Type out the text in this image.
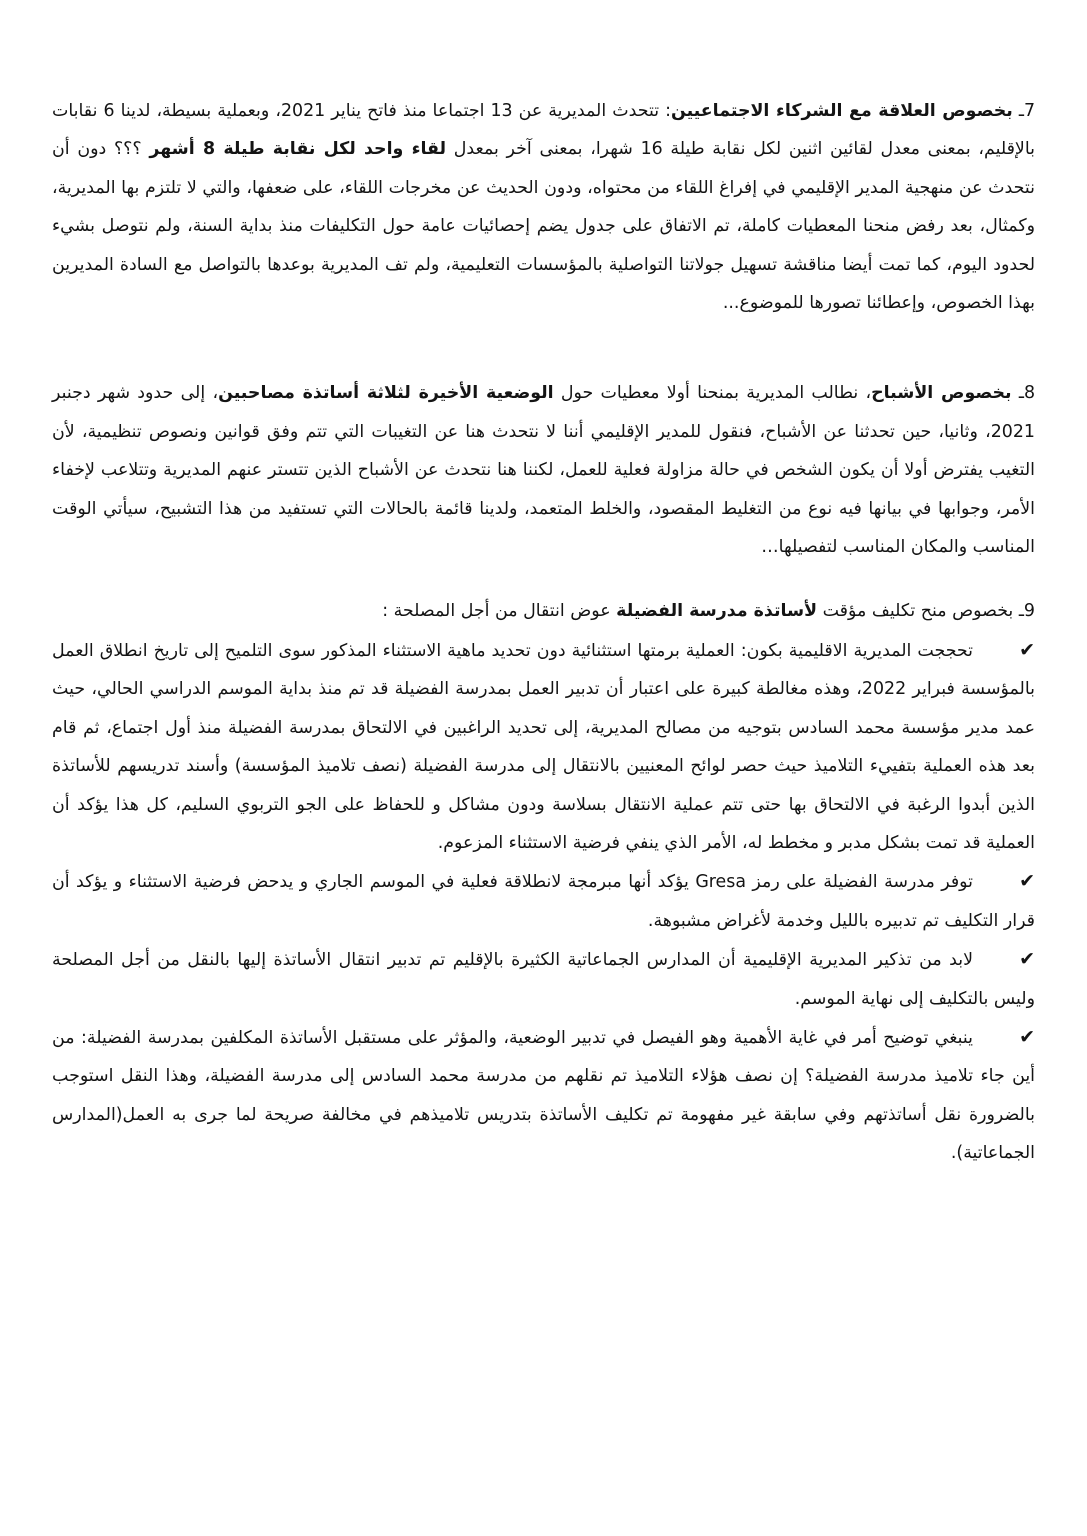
7ـ بخصوص العلاقة مع الشركاء الاجتماعيين: تتحدث المديرية عن 13 اجتماعا منذ فاتح يناير 2021، وبعملية بسيطة، لدينا 6 نقابات بالإقليم، بمعنى معدل لقائين اثنين لكل نقابة طيلة 16 شهرا، بمعنى آخر بمعدل لقاء واحد لكل نقابة طيلة 8 أشهر ؟؟؟ دون أن نتحدث عن منهجية المدير الإقليمي في إفراغ اللقاء من محتواه، ودون الحديث عن مخرجات اللقاء، على ضعفها، والتي لا تلتزم بها المديرية، وكمثال، بعد رفض منحنا المعطيات كاملة، تم الاتفاق على جدول يضم إحصائيات عامة حول التكليفات منذ بداية السنة، ولم نتوصل بشيء لحدود اليوم، كما تمت أيضا مناقشة تسهيل جولاتنا التواصلية بالمؤسسات التعليمية، ولم تف المديرية بوعدها بالتواصل مع السادة المديرين بهذا الخصوص، وإعطائنا تصورها للموضوع...

8ـ بخصوص الأشباح، نطالب المديرية بمنحنا أولا معطيات حول الوضعية الأخيرة لثلاثة أساتذة مصاحبين، إلى حدود شهر دجنبر 2021، وثانيا، حين تحدثنا عن الأشباح، فنقول للمدير الإقليمي أننا لا نتحدث هنا عن التغيبات التي تتم وفق قوانين ونصوص تنظيمية، لأن التغيب يفترض أولا أن يكون الشخص في حالة مزاولة فعلية للعمل، لكننا هنا نتحدث عن الأشباح الذين تتستر عنهم المديرية وتتلاعب لإخفاء الأمر، وجوابها في بيانها فيه نوع من التغليط المقصود، والخلط المتعمد، ولدينا قائمة بالحالات التي تستفيد من هذا التشبيح، سيأتي الوقت المناسب والمكان المناسب لتفصيلها…

9ـ بخصوص منح تكليف مؤقت لأساتذة مدرسة الفضيلة عوض انتقال من أجل المصلحة :

✔تحججت المديرية الاقليمية بكون: العملية برمتها استثنائية دون تحديد ماهية الاستثناء المذكور سوى التلميح إلى تاريخ انطلاق العمل بالمؤسسة فبراير 2022، وهذه مغالطة كبيرة على اعتبار أن تدبير العمل بمدرسة الفضيلة قد تم منذ بداية الموسم الدراسي الحالي، حيث عمد مدير مؤسسة محمد السادس بتوجيه من مصالح المديرية، إلى تحديد الراغبين في الالتحاق بمدرسة الفضيلة منذ أول اجتماع، ثم قام بعد هذه العملية بتفييء التلاميذ حيث حصر لوائح المعنيين بالانتقال إلى مدرسة الفضيلة (نصف تلاميذ المؤسسة) وأسند تدريسهم للأساتذة الذين أبدوا الرغبة في الالتحاق بها حتى تتم عملية الانتقال بسلاسة ودون مشاكل و للحفاظ على الجو التربوي السليم، كل هذا يؤكد أن العملية قد تمت بشكل مدبر و مخطط له، الأمر الذي ينفي فرضية الاستثناء المزعوم.

✔توفر مدرسة الفضيلة على رمز Gresa يؤكد أنها مبرمجة لانطلاقة فعلية في الموسم الجاري و يدحض فرضية الاستثناء و يؤكد أن قرار التكليف تم تدبيره بالليل وخدمة لأغراض مشبوهة.

✔لابد من تذكير المديرية الإقليمية أن المدارس الجماعاتية الكثيرة بالإقليم تم تدبير انتقال الأساتذة إليها بالنقل من أجل المصلحة وليس بالتكليف إلى نهاية الموسم.

✔ينبغي توضيح أمر في غاية الأهمية وهو الفيصل في تدبير الوضعية، والمؤثر على مستقبل الأساتذة المكلفين بمدرسة الفضيلة: من أين جاء تلاميذ مدرسة الفضيلة؟ إن نصف هؤلاء التلاميذ تم نقلهم من مدرسة محمد السادس إلى مدرسة الفضيلة، وهذا النقل استوجب بالضرورة نقل أساتذتهم وفي سابقة غير مفهومة تم تكليف الأساتذة بتدريس تلاميذهم في مخالفة صريحة لما جرى به العمل(المدارس الجماعاتية).
